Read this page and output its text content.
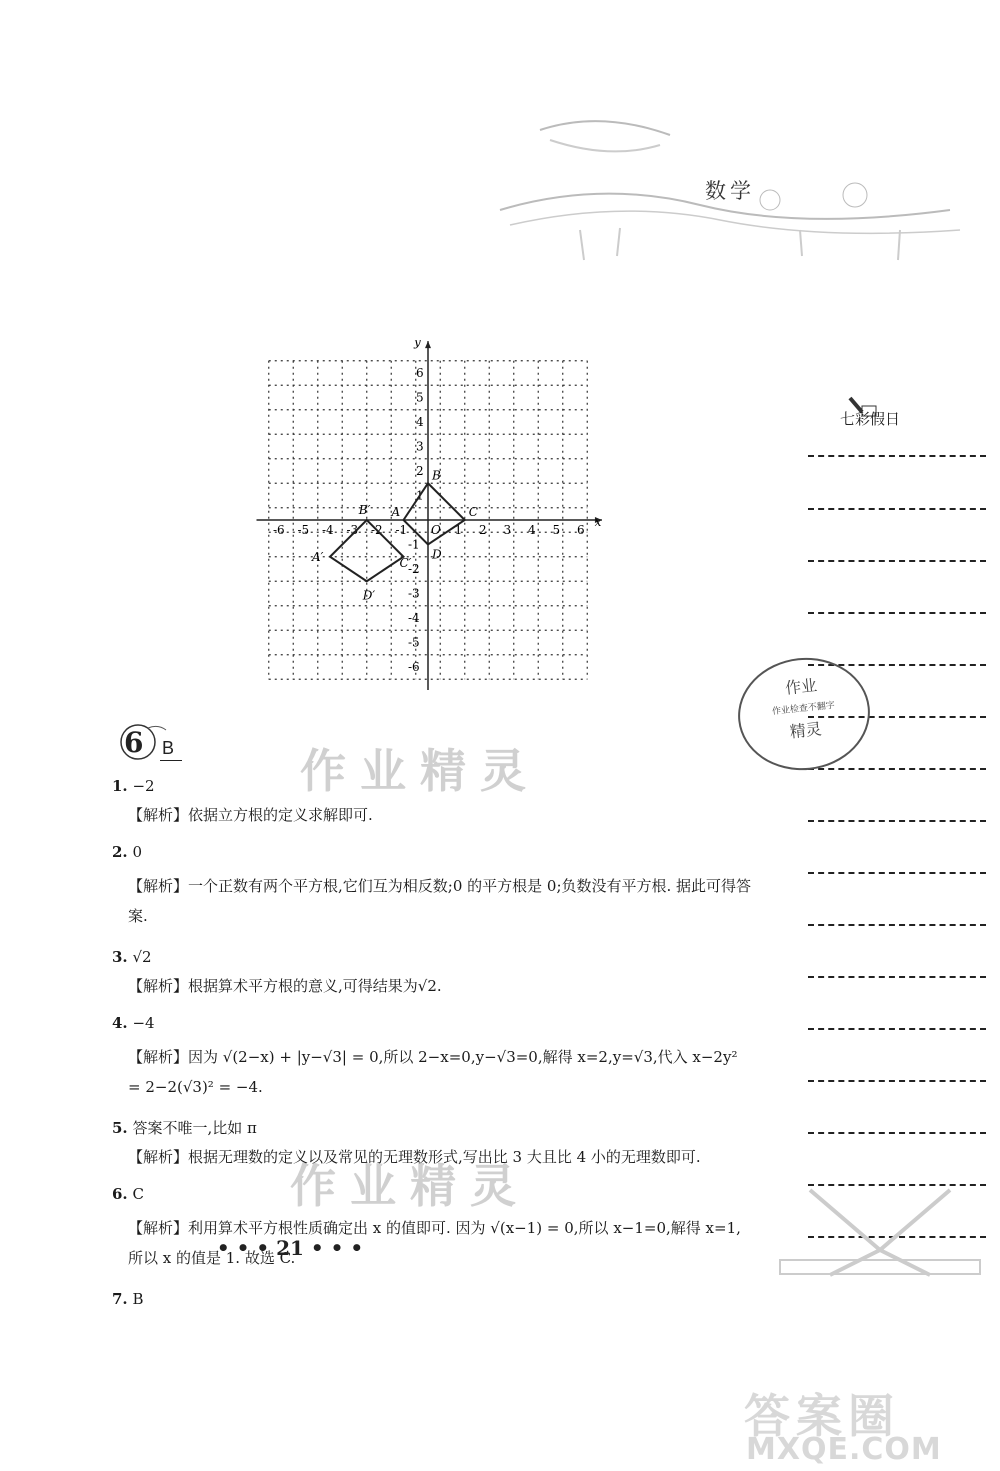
数学
七彩假日
作业
作业检查不翻字
精灵
x
y
-6 -5 -4 -3 -2 -1	1 2 3 4 5 6
1
2
3
4
5
6
-1
-2
-3
-4
-5
-6
O
A
B
C
D
A′
B′
C′
D′
6 B	作业精灵
作业精灵

1. −2

【解析】依据立方根的定义求解即可.

2. 0

【解析】一个正数有两个平方根,它们互为相反数;0 的平方根是 0;负数没有平方根. 据此可得答案.

3. √2

【解析】根据算术平方根的意义,可得结果为√2.

4. −4

【解析】因为 √(2−x) + |y−√3| = 0,所以 2−x=0,y−√3=0,解得 x=2,y=√3,代入 x−2y² = 2−2(√3)² = −4.

5. 答案不唯一,比如 π

【解析】根据无理数的定义以及常见的无理数形式,写出比 3 大且比 4 小的无理数即可.

6. C

【解析】利用算术平方根性质确定出 x 的值即可. 因为 √(x−1) = 0,所以 x−1=0,解得 x=1,所以 x 的值是 1. 故选 C.

7. B

• • • 21 • • •
答案圈
MXQE.COM
